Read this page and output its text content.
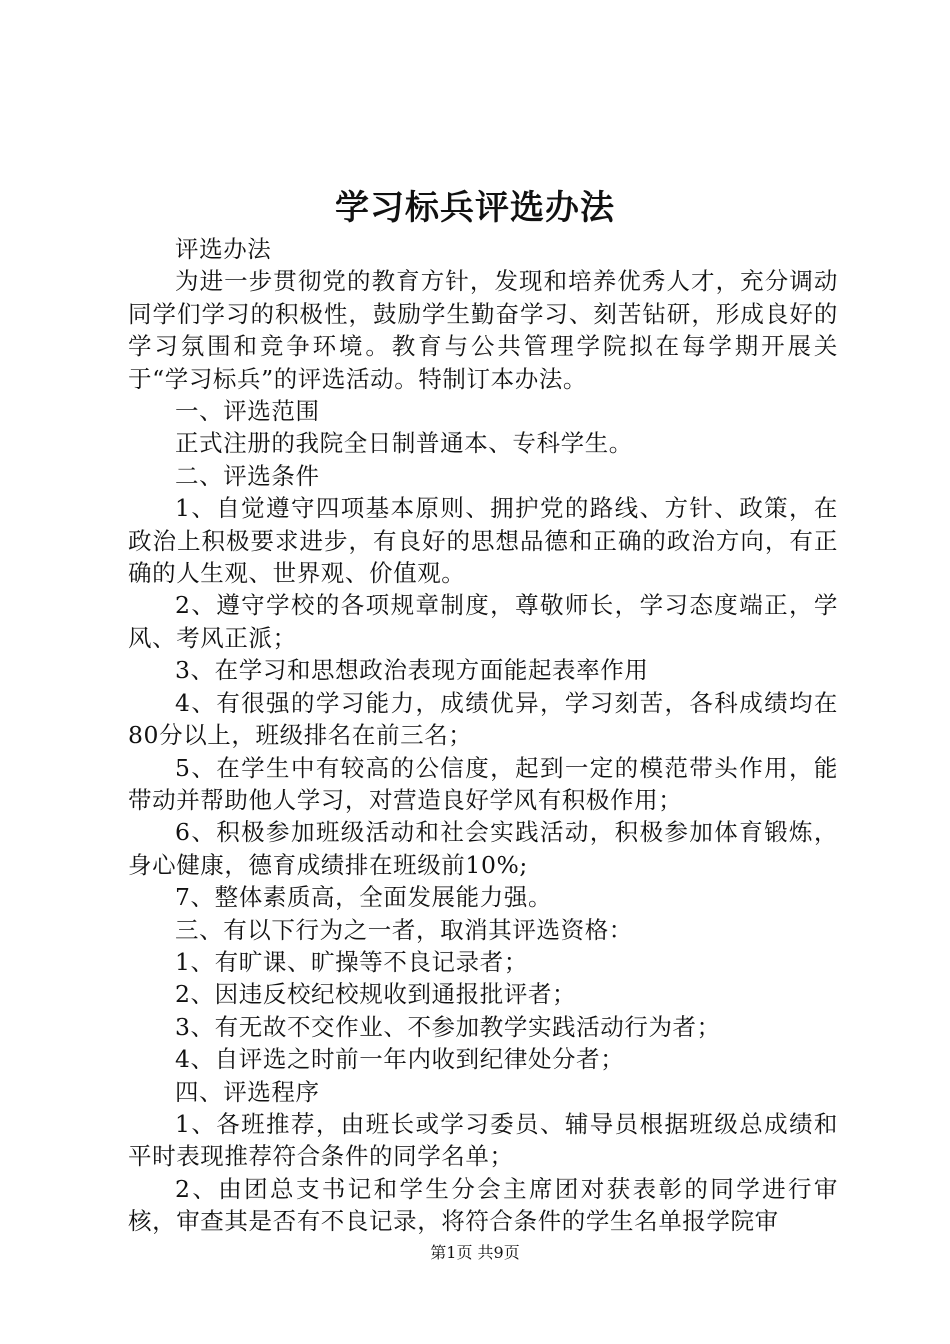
学习标兵评选办法

评选办法

为进一步贯彻党的教育方针，发现和培养优秀人才，充分调动同学们学习的积极性，鼓励学生勤奋学习、刻苦钻研，形成良好的学习氛围和竞争环境。教育与公共管理学院拟在每学期开展关于“学习标兵”的评选活动。特制订本办法。

一、评选范围

正式注册的我院全日制普通本、专科学生。

二、评选条件

1、自觉遵守四项基本原则、拥护党的路线、方针、政策，在政治上积极要求进步，有良好的思想品德和正确的政治方向，有正确的人生观、世界观、价值观。

2、遵守学校的各项规章制度，尊敬师长，学习态度端正，学风、考风正派；

3、在学习和思想政治表现方面能起表率作用

4、有很强的学习能力，成绩优异，学习刻苦，各科成绩均在80分以上，班级排名在前三名；

5、在学生中有较高的公信度，起到一定的模范带头作用，能带动并帮助他人学习，对营造良好学风有积极作用；

6、积极参加班级活动和社会实践活动，积极参加体育锻炼，身心健康，德育成绩排在班级前10%;

7、整体素质高，全面发展能力强。

三、有以下行为之一者，取消其评选资格：

1、有旷课、旷操等不良记录者；

2、因违反校纪校规收到通报批评者；

3、有无故不交作业、不参加教学实践活动行为者；

4、自评选之时前一年内收到纪律处分者；

四、评选程序

1、各班推荐，由班长或学习委员、辅导员根据班级总成绩和平时表现推荐符合条件的同学名单；

2、由团总支书记和学生分会主席团对获表彰的同学进行审核，审查其是否有不良记录，将符合条件的学生名单报学院审

第1页 共9页
